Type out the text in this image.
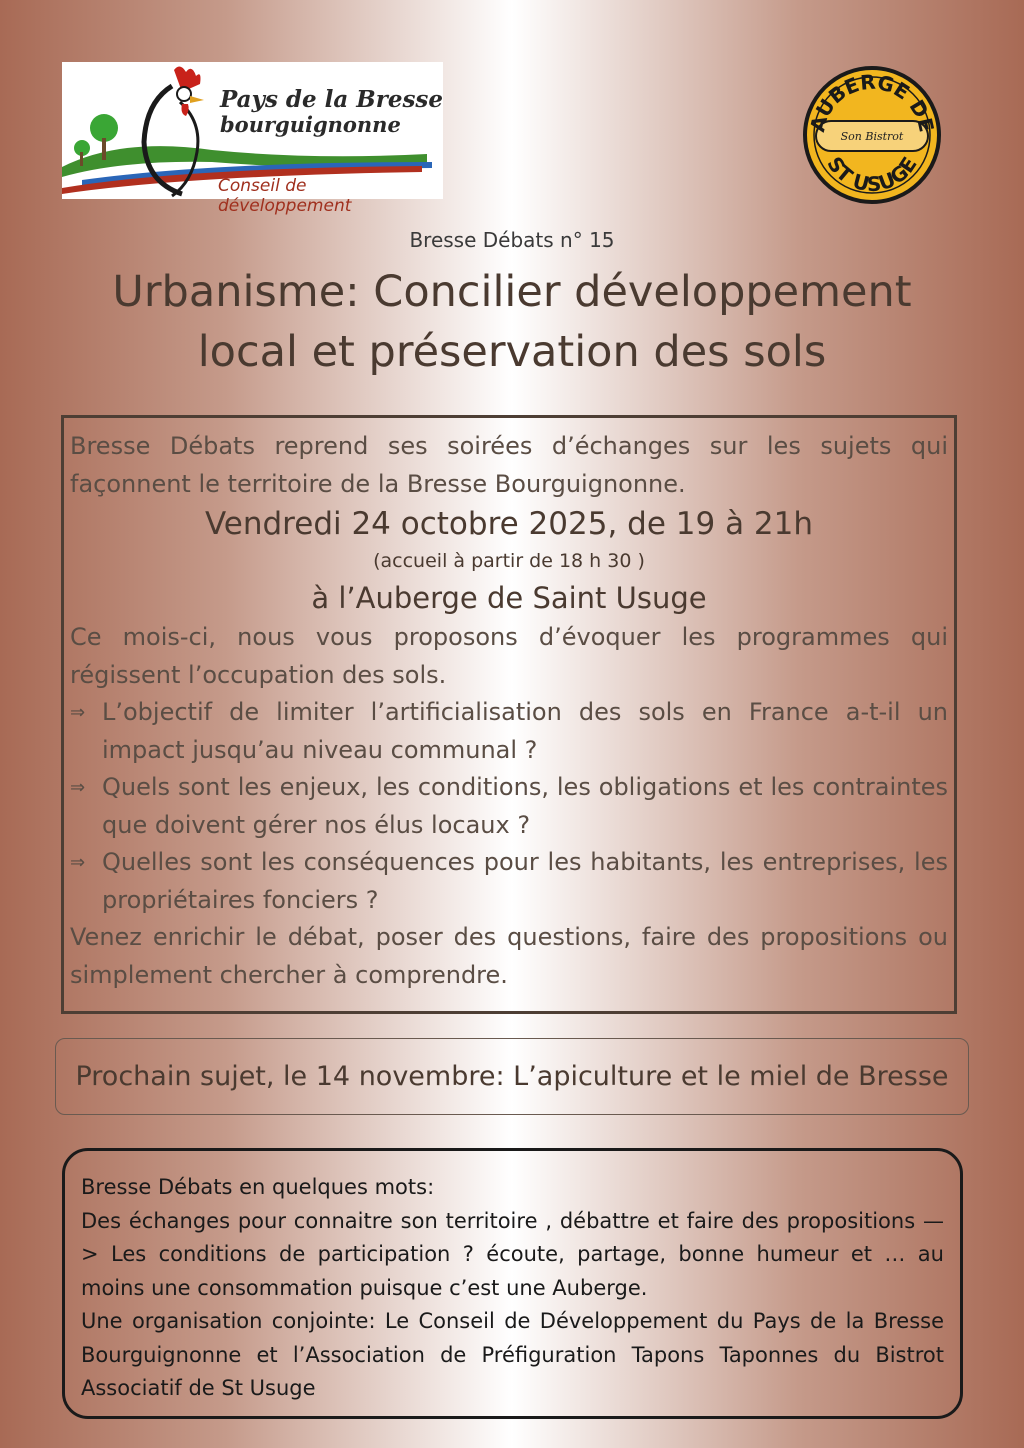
Pays de la Bresse
bourguignonne
Conseil de développement
AUBERGE DE
ST USUGE
Son Bistrot
Bresse Débats n° 15
Urbanisme: Concilier développement
local et préservation des sols

Bresse Débats reprend ses soirées d’échanges sur les sujets qui façonnent le territoire de la Bresse Bourguignonne.

Vendredi 24 octobre 2025, de 19 à 21h

(accueil à partir de 18 h 30 )

à l’Auberge de Saint Usuge

Ce mois-ci, nous vous proposons d’évoquer les programmes qui régissent l’occupation des sols.

⇒ L’objectif de limiter l’artificialisation des sols en France a-t-il un impact jusqu’au niveau communal ?

⇒ Quels sont les enjeux, les conditions, les obligations et les contraintes que doivent gérer nos élus locaux ?

⇒ Quelles sont les conséquences pour les habitants, les entreprises, les propriétaires fonciers ?

Venez enrichir le débat, poser des questions, faire des propositions ou simplement chercher à comprendre.

Prochain sujet, le 14 novembre: L’apiculture et le miel de Bresse

Bresse Débats en quelques mots:

Des échanges pour connaitre son territoire , débattre et faire des propositions —> Les conditions de participation ? écoute, partage, bonne humeur et … au moins une consommation puisque c’est une Auberge.

Une organisation conjointe: Le Conseil de Développement du Pays de la Bresse Bourguignonne et l’Association de Préfiguration Tapons Taponnes du Bistrot Associatif de St Usuge
